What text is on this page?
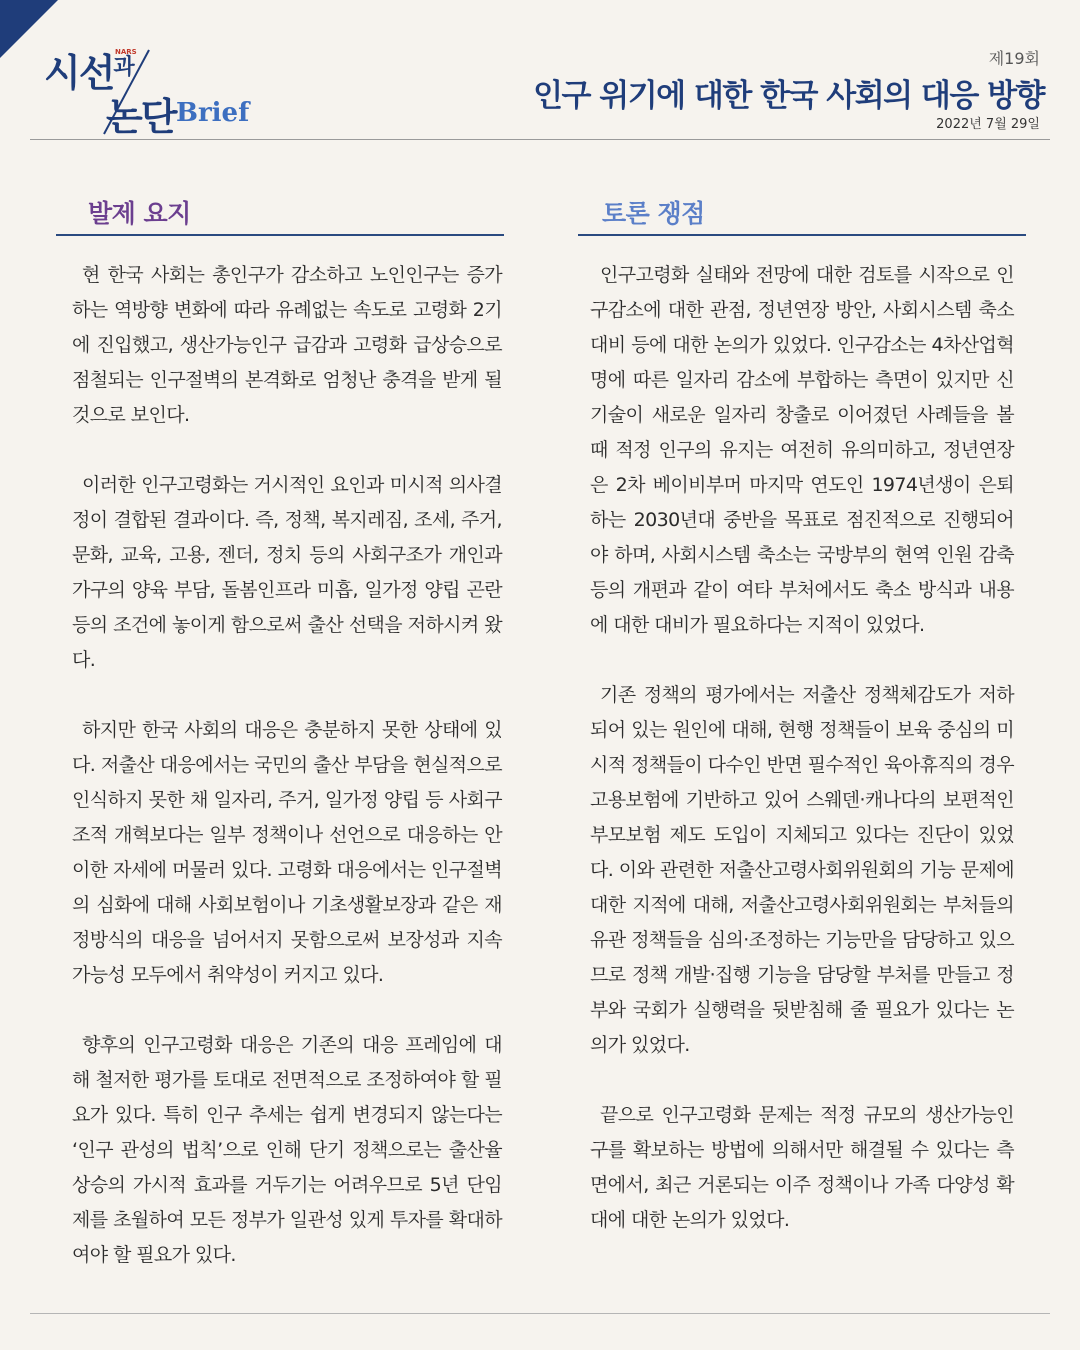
시선$^과$
NARS
논단 Brief
제19회
인구 위기에 대한 한국 사회의 대응 방향
2022년 7월 29일
발제 요지

현 한국 사회는 총인구가 감소하고 노인인구는 증가하는 역방향 변화에 따라 유례없는 속도로 고령화 2기에 진입했고, 생산가능인구 급감과 고령화 급상승으로 점철되는 인구절벽의 본격화로 엄청난 충격을 받게 될 것으로 보인다.

이러한 인구고령화는 거시적인 요인과 미시적 의사결정이 결합된 결과이다. 즉, 정책, 복지레짐, 조세, 주거, 문화, 교육, 고용, 젠더, 정치 등의 사회구조가 개인과 가구의 양육 부담, 돌봄인프라 미흡, 일가정 양립 곤란 등의 조건에 놓이게 함으로써 출산 선택을 저하시켜 왔다.

하지만 한국 사회의 대응은 충분하지 못한 상태에 있다. 저출산 대응에서는 국민의 출산 부담을 현실적으로 인식하지 못한 채 일자리, 주거, 일가정 양립 등 사회구조적 개혁보다는 일부 정책이나 선언으로 대응하는 안이한 자세에 머물러 있다. 고령화 대응에서는 인구절벽의 심화에 대해 사회보험이나 기초생활보장과 같은 재정방식의 대응을 넘어서지 못함으로써 보장성과 지속가능성 모두에서 취약성이 커지고 있다.

향후의 인구고령화 대응은 기존의 대응 프레임에 대해 철저한 평가를 토대로 전면적으로 조정하여야 할 필요가 있다. 특히 인구 추세는 쉽게 변경되지 않는다는 ‘인구 관성의 법칙’으로 인해 단기 정책으로는 출산율 상승의 가시적 효과를 거두기는 어려우므로 5년 단임제를 초월하여 모든 정부가 일관성 있게 투자를 확대하여야 할 필요가 있다.

토론 쟁점

인구고령화 실태와 전망에 대한 검토를 시작으로 인구감소에 대한 관점, 정년연장 방안, 사회시스템 축소 대비 등에 대한 논의가 있었다. 인구감소는 4차산업혁명에 따른 일자리 감소에 부합하는 측면이 있지만 신기술이 새로운 일자리 창출로 이어졌던 사례들을 볼 때 적정 인구의 유지는 여전히 유의미하고, 정년연장은 2차 베이비부머 마지막 연도인 1974년생이 은퇴하는 2030년대 중반을 목표로 점진적으로 진행되어야 하며, 사회시스템 축소는 국방부의 현역 인원 감축 등의 개편과 같이 여타 부처에서도 축소 방식과 내용에 대한 대비가 필요하다는 지적이 있었다.

기존 정책의 평가에서는 저출산 정책체감도가 저하되어 있는 원인에 대해, 현행 정책들이 보육 중심의 미시적 정책들이 다수인 반면 필수적인 육아휴직의 경우 고용보험에 기반하고 있어 스웨덴·캐나다의 보편적인 부모보험 제도 도입이 지체되고 있다는 진단이 있었다. 이와 관련한 저출산고령사회위원회의 기능 문제에 대한 지적에 대해, 저출산고령사회위원회는 부처들의 유관 정책들을 심의·조정하는 기능만을 담당하고 있으므로 정책 개발·집행 기능을 담당할 부처를 만들고 정부와 국회가 실행력을 뒷받침해 줄 필요가 있다는 논의가 있었다.

끝으로 인구고령화 문제는 적정 규모의 생산가능인구를 확보하는 방법에 의해서만 해결될 수 있다는 측면에서, 최근 거론되는 이주 정책이나 가족 다양성 확대에 대한 논의가 있었다.
